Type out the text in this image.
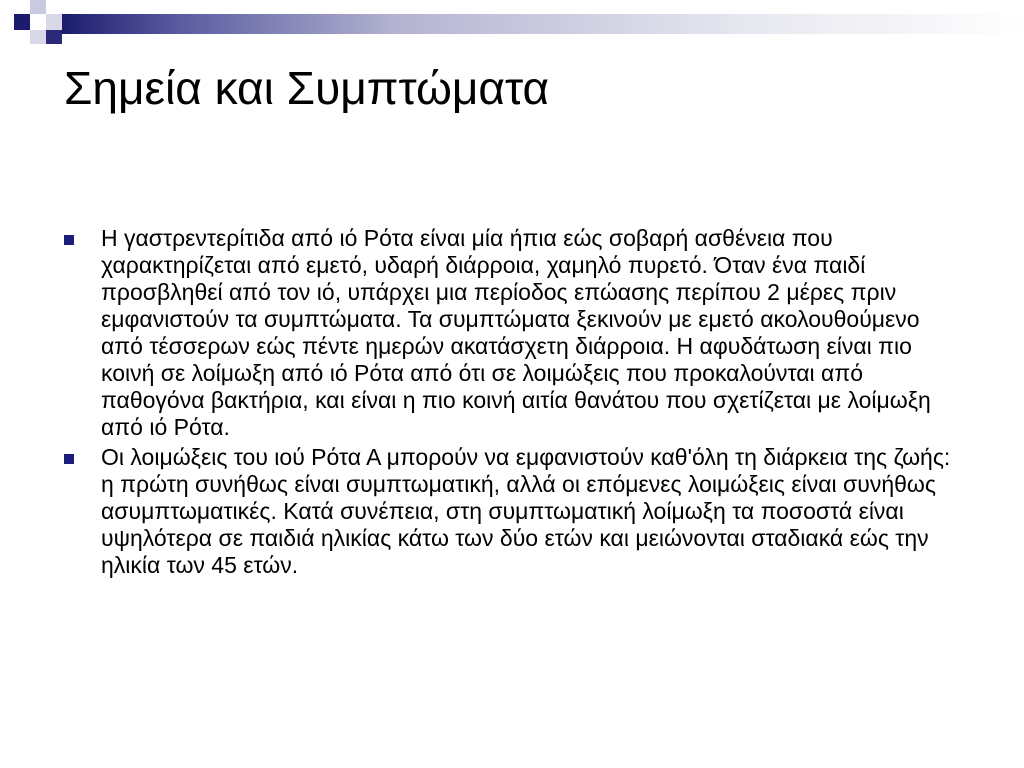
Σημεία και Συμπτώματα
Η γαστρεντερίτιδα από ιό Ρότα είναι μία ήπια εώς σοβαρή ασθένεια που χαρακτηρίζεται από εμετό, υδαρή διάρροια, χαμηλό πυρετό. Όταν ένα παιδί προσβληθεί από τον ιό, υπάρχει μια περίοδος επώασης περίπου 2 μέρες πριν εμφανιστούν τα συμπτώματα. Τα συμπτώματα ξεκινούν με εμετό ακολουθούμενο από τέσσερων εώς πέντε ημερών ακατάσχετη διάρροια. Η αφυδάτωση είναι πιο κοινή σε λοίμωξη από ιό Ρότα από ότι σε λοιμώξεις που προκαλούνται από παθογόνα βακτήρια, και είναι η πιο κοινή αιτία θανάτου που σχετίζεται με λοίμωξη από ιό Ρότα.
Οι λοιμώξεις του ιού Ρότα Α μπορούν να εμφανιστούν καθ'όλη τη διάρκεια της ζωής: η πρώτη συνήθως είναι συμπτωματική, αλλά οι επόμενες λοιμώξεις είναι συνήθως ασυμπτωματικές. Κατά συνέπεια, στη συμπτωματική λοίμωξη τα ποσοστά είναι υψηλότερα σε παιδιά ηλικίας κάτω των δύο ετών και μειώνονται σταδιακά εώς την ηλικία των 45 ετών.
